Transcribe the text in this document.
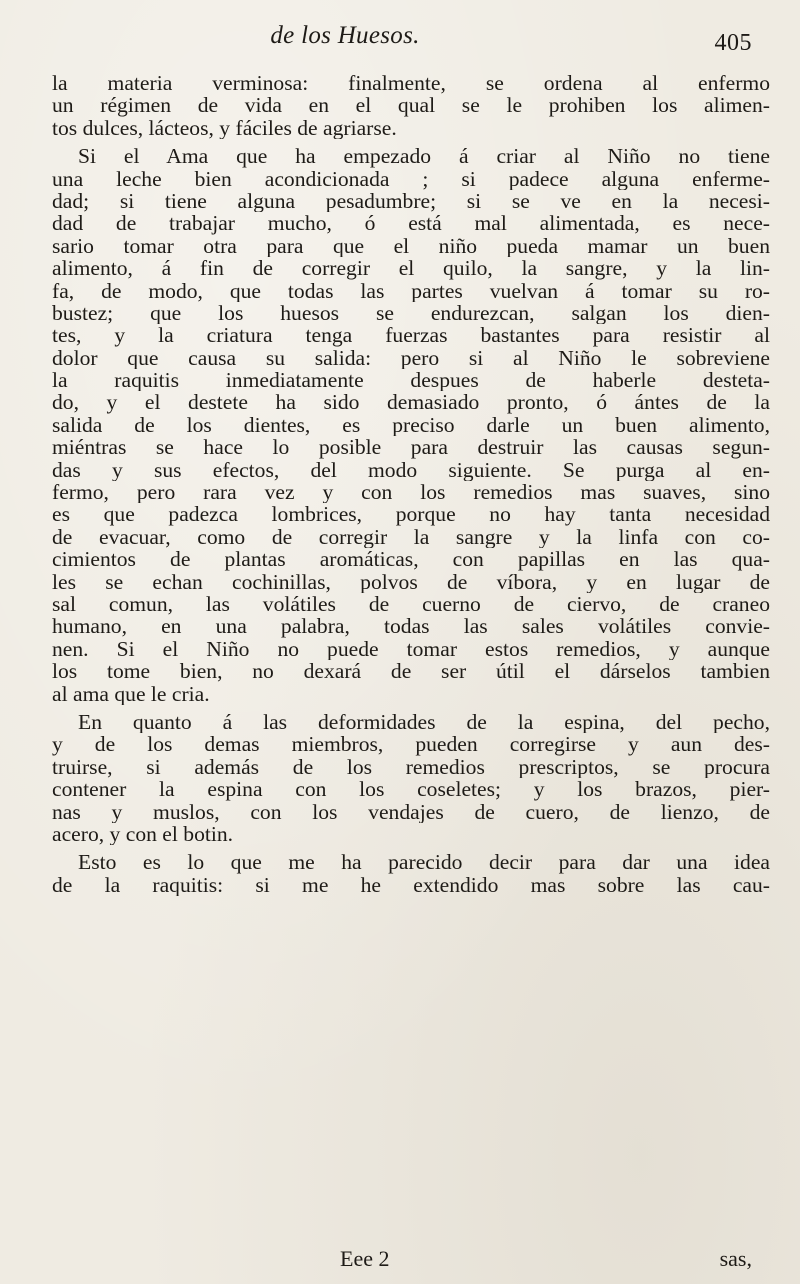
de los Huesos.	405
la materia verminosa: finalmente, se ordena al enfermo
un régimen de vida en el qual se le prohiben los alimen-
tos dulces, lácteos, y fáciles de agriarse.
Si el Ama que ha empezado á criar al Niño no tiene
una leche bien acondicionada ; si padece alguna enferme-
dad; si tiene alguna pesadumbre; si se ve en la necesi-
dad de trabajar mucho, ó está mal alimentada, es nece-
sario tomar otra para que el niño pueda mamar un buen
alimento, á fin de corregir el quilo, la sangre, y la lin-
fa, de modo, que todas las partes vuelvan á tomar su ro-
bustez; que los huesos se endurezcan, salgan los dien-
tes, y la criatura tenga fuerzas bastantes para resistir al
dolor que causa su salida: pero si al Niño le sobreviene
la raquitis inmediatamente despues de haberle desteta-
do, y el destete ha sido demasiado pronto, ó ántes de la
salida de los dientes, es preciso darle un buen alimento,
miéntras se hace lo posible para destruir las causas segun-
das y sus efectos, del modo siguiente. Se purga al en-
fermo, pero rara vez y con los remedios mas suaves, sino
es que padezca lombrices, porque no hay tanta necesidad
de evacuar, como de corregir la sangre y la linfa con co-
cimientos de plantas aromáticas, con papillas en las qua-
les se echan cochinillas, polvos de víbora, y en lugar de
sal comun, las volátiles de cuerno de ciervo, de craneo
humano, en una palabra, todas las sales volátiles convie-
nen. Si el Niño no puede tomar estos remedios, y aunque
los tome bien, no dexará de ser útil el dárselos tambien
al ama que le cria.
En quanto á las deformidades de la espina, del pecho,
y de los demas miembros, pueden corregirse y aun des-
truirse, si además de los remedios prescriptos, se procura
contener la espina con los coseletes; y los brazos, pier-
nas y muslos, con los vendajes de cuero, de lienzo, de
acero, y con el botin.
Esto es lo que me ha parecido decir para dar una idea
de la raquitis: si me he extendido mas sobre las cau-
Eee 2	sas,
